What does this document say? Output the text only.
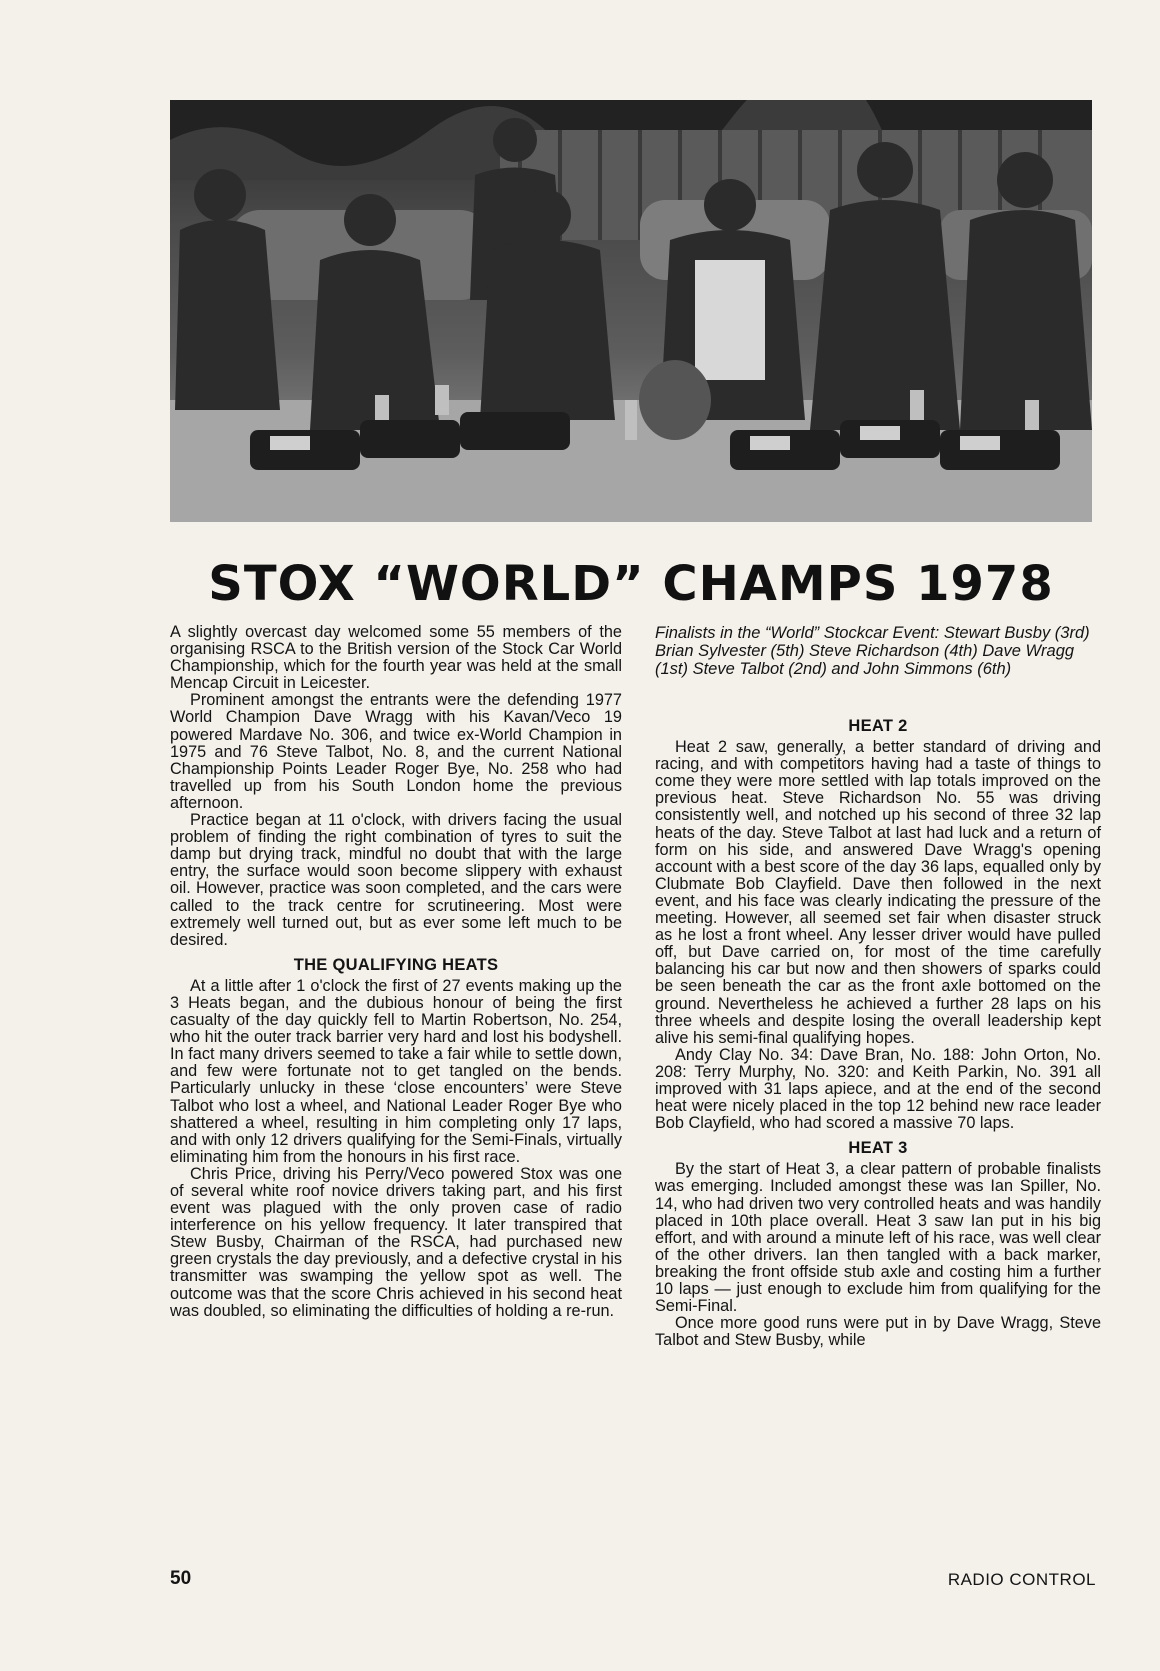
STOX “WORLD” CHAMPS 1978

A slightly overcast day welcomed some 55 members of the organising RSCA to the British version of the Stock Car World Championship, which for the fourth year was held at the small Mencap Circuit in Leicester.

Prominent amongst the entrants were the defending 1977 World Champion Dave Wragg with his Kavan/Veco 19 powered Mardave No. 306, and twice ex-World Champion in 1975 and 76 Steve Talbot, No. 8, and the current National Championship Points Leader Roger Bye, No. 258 who had travelled up from his South London home the previous afternoon.

Practice began at 11 o'clock, with drivers facing the usual problem of finding the right combination of tyres to suit the damp but drying track, mindful no doubt that with the large entry, the surface would soon become slippery with exhaust oil. However, practice was soon completed, and the cars were called to the track centre for scrutineering. Most were extremely well turned out, but as ever some left much to be desired.

THE QUALIFYING HEATS

At a little after 1 o'clock the first of 27 events making up the 3 Heats began, and the dubious honour of being the first casualty of the day quickly fell to Martin Robertson, No. 254, who hit the outer track barrier very hard and lost his bodyshell. In fact many drivers seemed to take a fair while to settle down, and few were fortunate not to get tangled on the bends. Particularly unlucky in these ‘close encounters’ were Steve Talbot who lost a wheel, and National Leader Roger Bye who shattered a wheel, resulting in him completing only 17 laps, and with only 12 drivers qualifying for the Semi-Finals, virtually eliminating him from the honours in his first race.

Chris Price, driving his Perry/Veco powered Stox was one of several white roof novice drivers taking part, and his first event was plagued with the only proven case of radio interference on his yellow frequency. It later transpired that Stew Busby, Chairman of the RSCA, had purchased new green crystals the day previously, and a defective crystal in his transmitter was swamping the yellow spot as well. The outcome was that the score Chris achieved in his second heat was doubled, so eliminating the difficulties of holding a re-run.

Finalists in the “World” Stockcar Event: Stewart Busby (3rd) Brian Sylvester (5th) Steve Richardson (4th) Dave Wragg (1st) Steve Talbot (2nd) and John Simmons (6th)

HEAT 2

Heat 2 saw, generally, a better standard of driving and racing, and with competitors having had a taste of things to come they were more settled with lap totals improved on the previous heat. Steve Richardson No. 55 was driving consistently well, and notched up his second of three 32 lap heats of the day. Steve Talbot at last had luck and a return of form on his side, and answered Dave Wragg's opening account with a best score of the day 36 laps, equalled only by Clubmate Bob Clayfield. Dave then followed in the next event, and his face was clearly indicating the pressure of the meeting. However, all seemed set fair when disaster struck as he lost a front wheel. Any lesser driver would have pulled off, but Dave carried on, for most of the time carefully balancing his car but now and then showers of sparks could be seen beneath the car as the front axle bottomed on the ground. Nevertheless he achieved a further 28 laps on his three wheels and despite losing the overall leadership kept alive his semi-final qualifying hopes.

Andy Clay No. 34: Dave Bran, No. 188: John Orton, No. 208: Terry Murphy, No. 320: and Keith Parkin, No. 391 all improved with 31 laps apiece, and at the end of the second heat were nicely placed in the top 12 behind new race leader Bob Clayfield, who had scored a massive 70 laps.

HEAT 3

By the start of Heat 3, a clear pattern of probable finalists was emerging. Included amongst these was Ian Spiller, No. 14, who had driven two very controlled heats and was handily placed in 10th place overall. Heat 3 saw Ian put in his big effort, and with around a minute left of his race, was well clear of the other drivers. Ian then tangled with a back marker, breaking the front offside stub axle and costing him a further 10 laps — just enough to exclude him from qualifying for the Semi-Final.

Once more good runs were put in by Dave Wragg, Steve Talbot and Stew Busby, while

50	RADIO CONTROL
